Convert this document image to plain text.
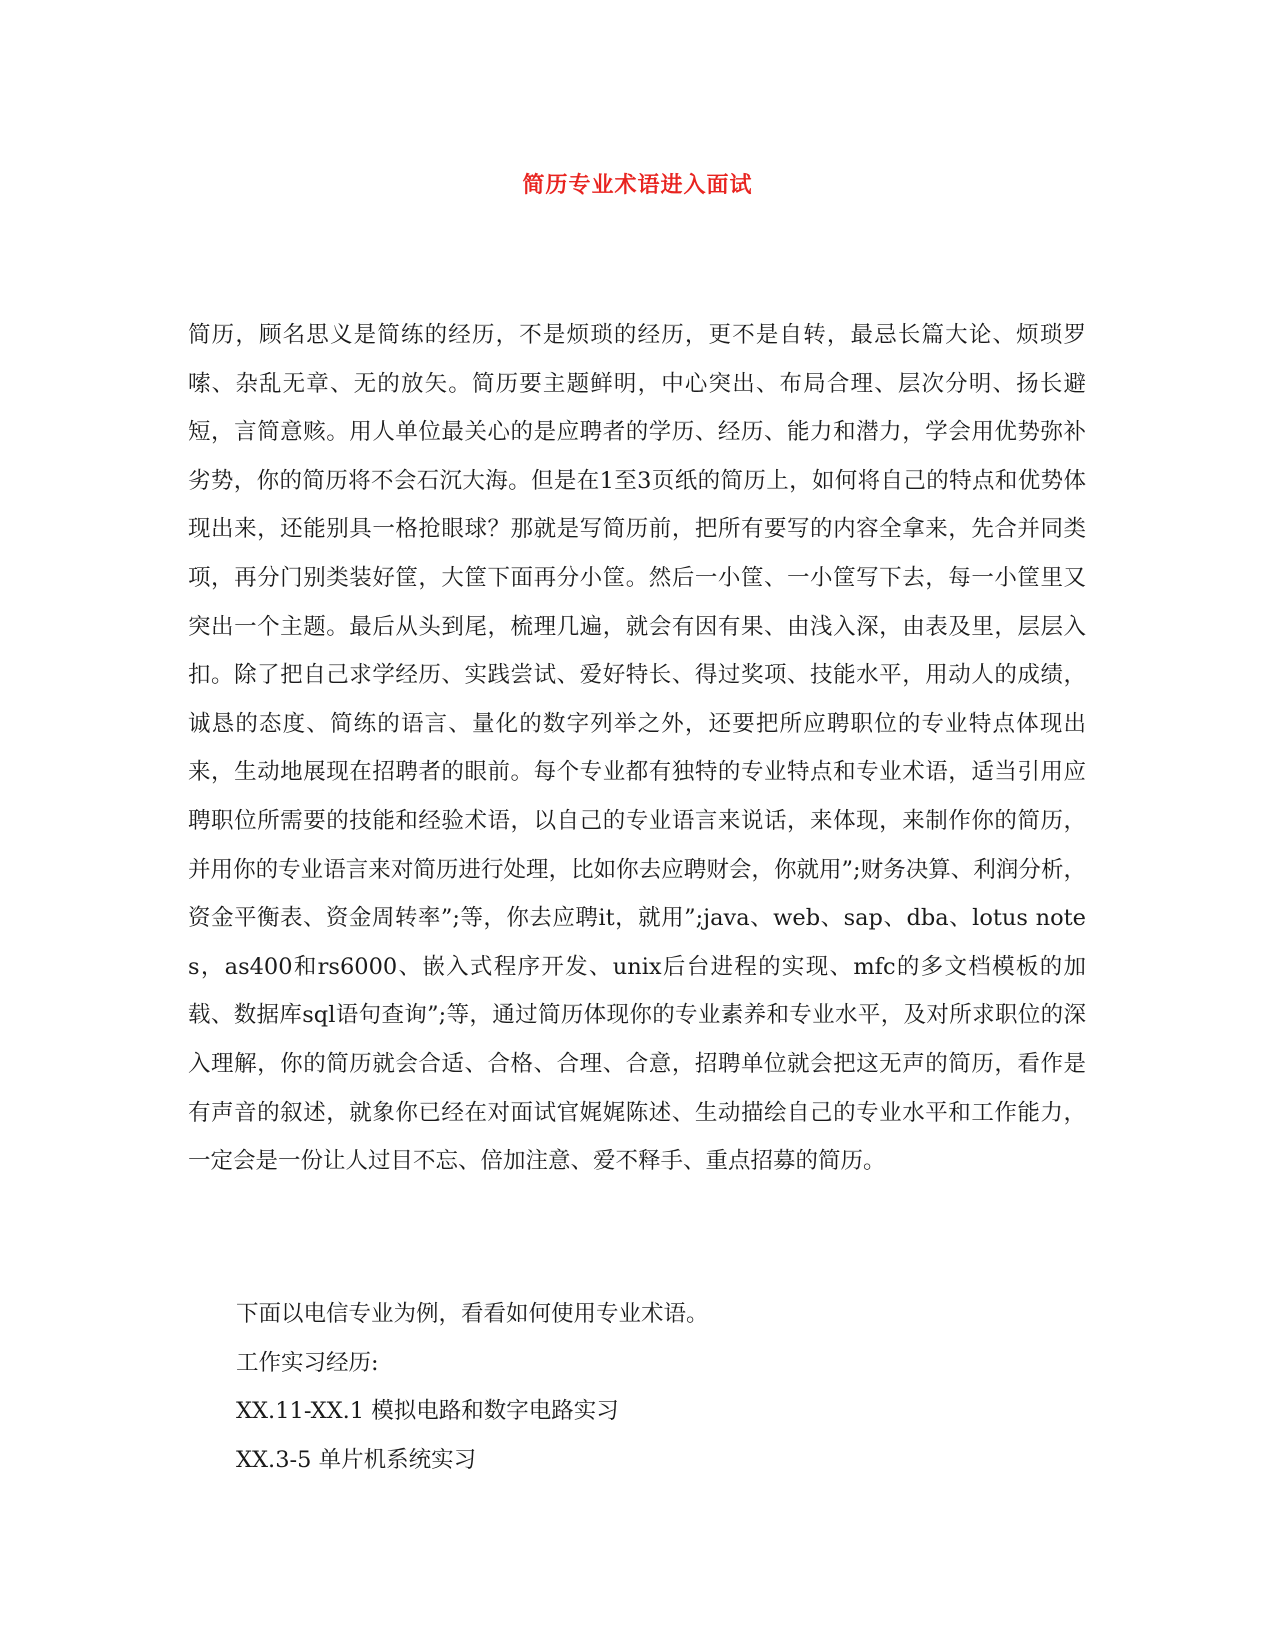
简历专业术语进入面试

简历，顾名思义是简练的经历，不是烦琐的经历，更不是自转，最忌长篇大论、烦琐罗嗦、杂乱无章、无的放矢。简历要主题鲜明，中心突出、布局合理、层次分明、扬长避短，言简意赅。用人单位最关心的是应聘者的学历、经历、能力和潜力，学会用优势弥补劣势，你的简历将不会石沉大海。但是在1至3页纸的简历上，如何将自己的特点和优势体现出来，还能别具一格抢眼球？那就是写简历前，把所有要写的内容全拿来，先合并同类项，再分门别类装好筐，大筐下面再分小筐。然后一小筐、一小筐写下去，每一小筐里又突出一个主题。最后从头到尾，梳理几遍，就会有因有果、由浅入深，由表及里，层层入扣。除了把自己求学经历、实践尝试、爱好特长、得过奖项、技能水平，用动人的成绩，诚恳的态度、简练的语言、量化的数字列举之外，还要把所应聘职位的专业特点体现出来，生动地展现在招聘者的眼前。每个专业都有独特的专业特点和专业术语，适当引用应聘职位所需要的技能和经验术语，以自己的专业语言来说话，来体现，来制作你的简历，并用你的专业语言来对简历进行处理，比如你去应聘财会，你就用”;财务决算、利润分析，资金平衡表、资金周转率”;等，你去应聘it，就用”;java、web、sap、dba、lotus notes，as400和rs6000、嵌入式程序开发、unix后台进程的实现、mfc的多文档模板的加载、数据库sql语句查询”;等，通过简历体现你的专业素养和专业水平，及对所求职位的深入理解，你的简历就会合适、合格、合理、合意，招聘单位就会把这无声的简历，看作是有声音的叙述，就象你已经在对面试官娓娓陈述、生动描绘自己的专业水平和工作能力，一定会是一份让人过目不忘、倍加注意、爱不释手、重点招募的简历。

下面以电信专业为例，看看如何使用专业术语。

工作实习经历:

XX.11-XX.1 模拟电路和数字电路实习

XX.3-5 单片机系统实习
